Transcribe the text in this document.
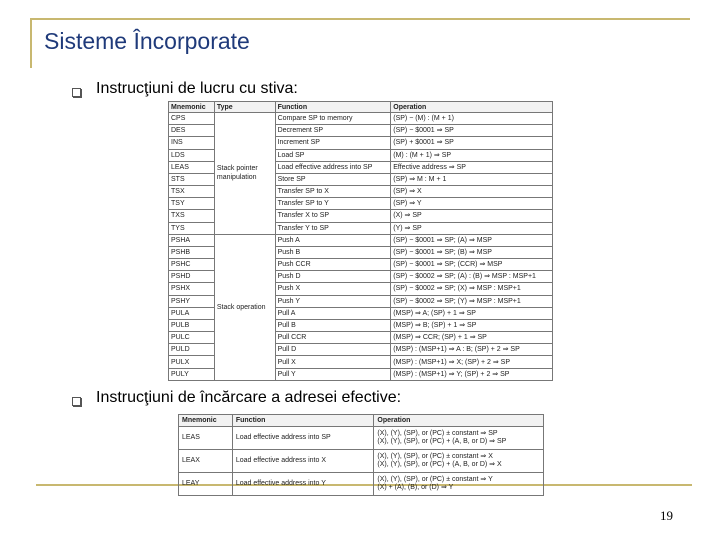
Sisteme Încorporate
Instrucţiuni de lucru cu stiva:
Mnemonic	Type	Function	Operation
CPS	Stack pointer manipulation	Compare SP to memory	(SP) − (M) : (M + 1)
DES		Decrement SP	(SP) − $0001 ⇒ SP
INS		Increment SP	(SP) + $0001 ⇒ SP
LDS		Load SP	(M) : (M + 1) ⇒ SP
LEAS		Load effective address into SP	Effective address ⇒ SP
STS		Store SP	(SP) ⇒ M : M + 1
TSX		Transfer SP to X	(SP) ⇒ X
TSY		Transfer SP to Y	(SP) ⇒ Y
TXS		Transfer X to SP	(X) ⇒ SP
TYS		Transfer Y to SP	(Y) ⇒ SP
PSHA	Stack operation	Push A	(SP) − $0001 ⇒ SP; (A) ⇒ MSP
PSHB		Push B	(SP) − $0001 ⇒ SP; (B) ⇒ MSP
PSHC		Push CCR	(SP) − $0001 ⇒ SP; (CCR) ⇒ MSP
PSHD		Push D	(SP) − $0002 ⇒ SP; (A) : (B) ⇒ MSP : MSP+1
PSHX		Push X	(SP) − $0002 ⇒ SP; (X) ⇒ MSP : MSP+1
PSHY		Push Y	(SP) − $0002 ⇒ SP; (Y) ⇒ MSP : MSP+1
PULA		Pull A	(MSP) ⇒ A; (SP) + 1 ⇒ SP
PULB		Pull B	(MSP) ⇒ B; (SP) + 1 ⇒ SP
PULC		Pull CCR	(MSP) ⇒ CCR; (SP) + 1 ⇒ SP
PULD		Pull D	(MSP) : (MSP+1) ⇒ A : B; (SP) + 2 ⇒ SP
PULX		Pull X	(MSP) : (MSP+1) ⇒ X; (SP) + 2 ⇒ SP
PULY		Pull Y	(MSP) : (MSP+1) ⇒ Y; (SP) + 2 ⇒ SP
Instrucţiuni de încărcare a adresei efective:
Mnemonic	Function	Operation

LEAS	Load effective address into SP	(X), (Y), (SP), or (PC) ± constant ⇒ SP
(X), (Y), (SP), or (PC) + (A, B, or D) ⇒ SP

LEAX	Load effective address into X	(X), (Y), (SP), or (PC) ± constant ⇒ X
(X), (Y), (SP), or (PC) + (A, B, or D) ⇒ X

LEAY	Load effective address into Y	(X), (Y), (SP), or (PC) ± constant ⇒ Y
(X) + (A), (B), or (D) ⇒ Y
19
